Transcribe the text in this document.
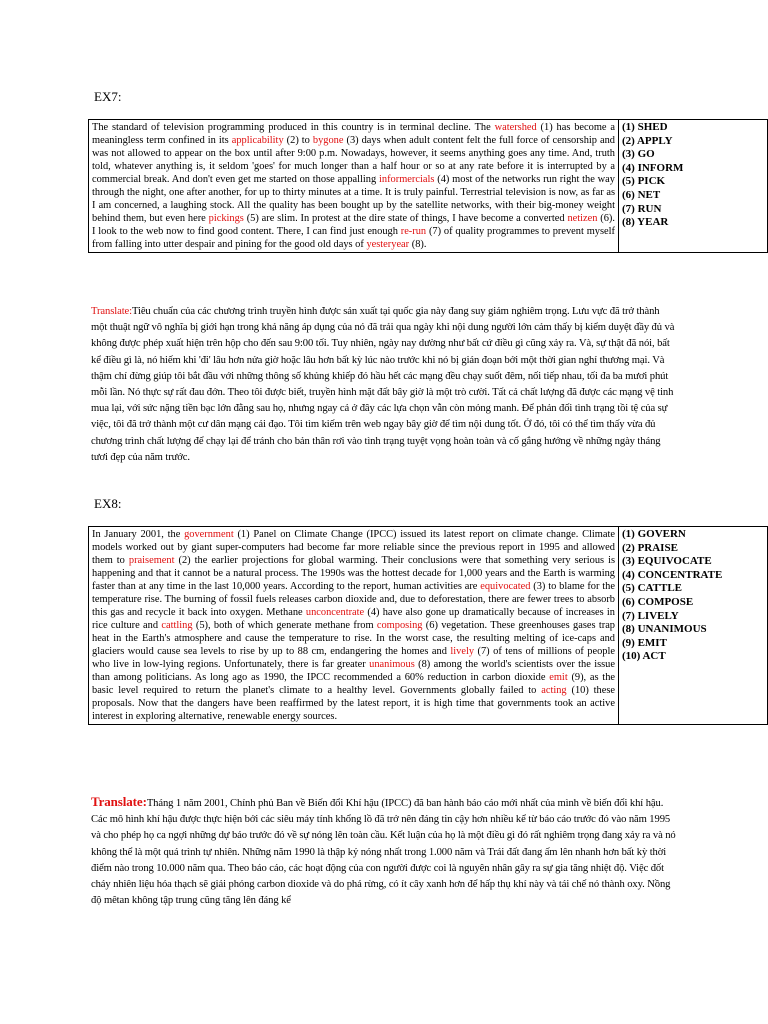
EX7:
The standard of television programming produced in this country is in terminal decline. The watershed (1) has become a meaningless term confined in its applicability (2) to bygone (3) days when adult content felt the full force of censorship and was not allowed to appear on the box until after 9:00 p.m. Nowadays, however, it seems anything goes any time. And, truth told, whatever anything is, it seldom 'goes' for much longer than a half hour or so at any rate before it is interrupted by a commercial break. And don't even get me started on those appalling informercials (4) most of the networks run right the way through the night, one after another, for up to thirty minutes at a time. It is truly painful. Terrestrial television is now, as far as I am concerned, a laughing stock. All the quality has been bought up by the satellite networks, with their big-money weight behind them, but even here pickings (5) are slim. In protest at the dire state of things, I have become a converted netizen (6). I look to the web now to find good content. There, I can find just enough re-run (7) of quality programmes to prevent myself from falling into utter despair and pining for the good old days of yesteryear (8).	
(1) SHED
(2) APPLY
(3) GO
(4) INFORM
(5) PICK
(6) NET
(7) RUN
(8) YEAR
Translate:Tiêu chuẩn của các chương trình truyền hình được sản xuất tại quốc gia này đang suy giảm nghiêm trọng. Lưu vực đã trở thành một thuật ngữ vô nghĩa bị giới hạn trong khả năng áp dụng của nó đã trải qua ngày khi nội dung người lớn cảm thấy bị kiểm duyệt đầy đủ và không được phép xuất hiện trên hộp cho đến sau 9:00 tối. Tuy nhiên, ngày nay dường như bất cứ điều gì cũng xảy ra. Và, sự thật đã nói, bất kể điều gì là, nó hiếm khi 'đi' lâu hơn nửa giờ hoặc lâu hơn bất kỳ lúc nào trước khi nó bị gián đoạn bởi một thời gian nghỉ thương mại. Và thậm chí đừng giúp tôi bắt đầu với những thông số khủng khiếp đó hầu hết các mạng đều chạy suốt đêm, nối tiếp nhau, tối đa ba mươi phút mỗi lần. Nó thực sự rất đau đớn. Theo tôi được biết, truyền hình mặt đất bây giờ là một trò cười. Tất cả chất lượng đã được các mạng vệ tinh mua lại, với sức nặng tiền bạc lớn đằng sau họ, nhưng ngay cả ở đây các lựa chọn vẫn còn mỏng manh. Để phản đối tình trạng tồi tệ của sự việc, tôi đã trở thành một cư dân mạng cải đạo. Tôi tìm kiếm trên web ngay bây giờ để tìm nội dung tốt. Ở đó, tôi có thể tìm thấy vừa đủ chương trình chất lượng để chạy lại để tránh cho bản thân rơi vào tình trạng tuyệt vọng hoàn toàn và cố gắng hướng về những ngày tháng tươi đẹp của năm trước.
EX8:
In January 2001, the government (1) Panel on Climate Change (IPCC) issued its latest report on climate change. Climate models worked out by giant super-computers had become far more reliable since the previous report in 1995 and allowed them to praisement (2) the earlier projections for global warming. Their conclusions were that something very serious is happening and that it cannot be a natural process. The 1990s was the hottest decade for 1,000 years and the Earth is warming faster than at any time in the last 10,000 years. According to the report, human activities are equivocated (3) to blame for the temperature rise. The burning of fossil fuels releases carbon dioxide and, due to deforestation, there are fewer trees to absorb this gas and recycle it back into oxygen. Methane unconcentrate (4) have also gone up dramatically because of increases in rice culture and cattling (5), both of which generate methane from composing (6) vegetation. These greenhouses gases trap heat in the Earth's atmosphere and cause the temperature to rise. In the worst case, the resulting melting of ice-caps and glaciers would cause sea levels to rise by up to 88 cm, endangering the homes and lively (7) of tens of millions of people who live in low-lying regions. Unfortunately, there is far greater unanimous (8) among the world's scientists over the issue than among politicians. As long ago as 1990, the IPCC recommended a 60% reduction in carbon dioxide emit (9), as the basic level required to return the planet's climate to a healthy level. Governments globally failed to acting (10) these proposals. Now that the dangers have been reaffirmed by the latest report, it is high time that governments took an active interest in exploring alternative, renewable energy sources.	
(1) GOVERN
(2) PRAISE
(3) EQUIVOCATE
(4) CONCENTRATE
(5) CATTLE
(6) COMPOSE
(7) LIVELY
(8) UNANIMOUS
(9) EMIT
(10) ACT
Translate:Tháng 1 năm 2001, Chính phủ Ban về Biến đổi Khí hậu (IPCC) đã ban hành báo cáo mới nhất của mình về biến đổi khí hậu. Các mô hình khí hậu được thực hiện bởi các siêu máy tính khổng lồ đã trở nên đáng tin cậy hơn nhiều kể từ báo cáo trước đó vào năm 1995 và cho phép họ ca ngợi những dự báo trước đó về sự nóng lên toàn cầu. Kết luận của họ là một điều gì đó rất nghiêm trọng đang xảy ra và nó không thể là một quá trình tự nhiên. Những năm 1990 là thập kỷ nóng nhất trong 1.000 năm và Trái đất đang ấm lên nhanh hơn bất kỳ thời điểm nào trong 10.000 năm qua. Theo báo cáo, các hoạt động của con người được coi là nguyên nhân gây ra sự gia tăng nhiệt độ. Việc đốt cháy nhiên liệu hóa thạch sẽ giải phóng carbon dioxide và do phá rừng, có ít cây xanh hơn để hấp thụ khí này và tái chế nó thành oxy. Nồng độ mêtan không tập trung cũng tăng lên đáng kể
